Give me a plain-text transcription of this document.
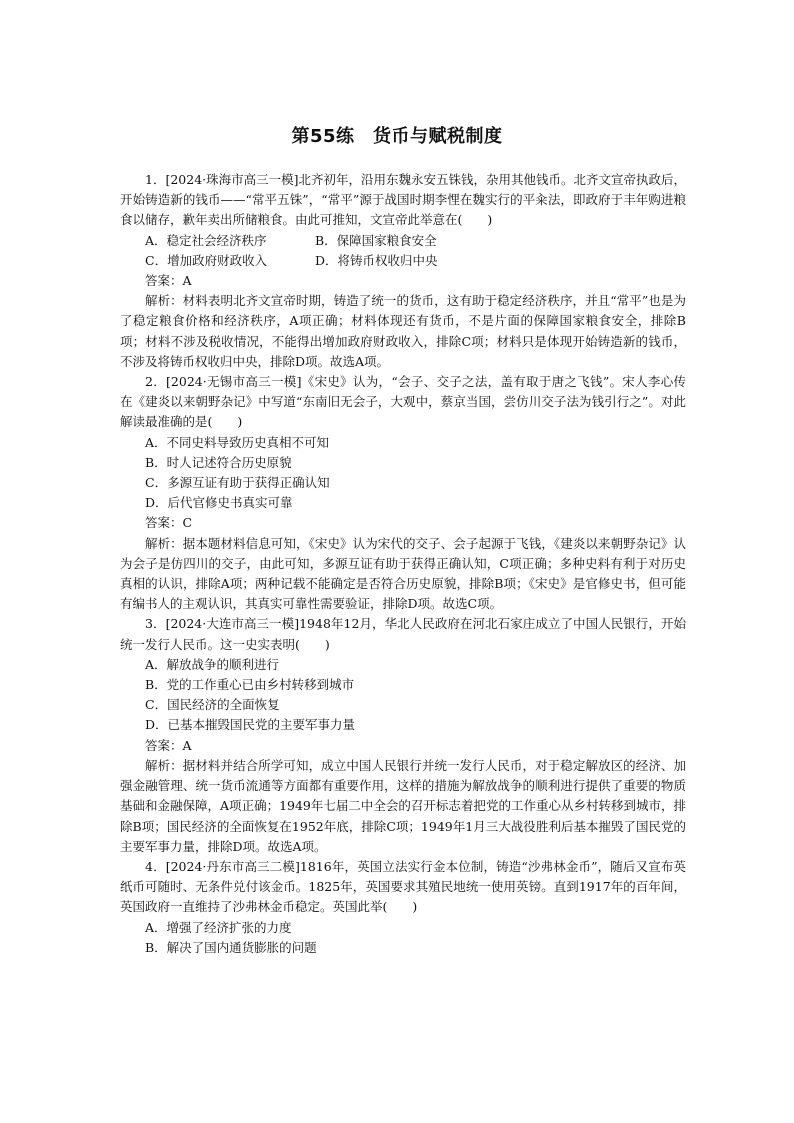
第55练　货币与赋税制度

1．[2024·珠海市高三一模]北齐初年，沿用东魏永安五铢钱，杂用其他钱币。北齐文宣帝执政后，开始铸造新的钱币——“常平五铢”，“常平”源于战国时期李悝在魏实行的平籴法，即政府于丰年购进粮食以储存，歉年卖出所储粮食。由此可推知，文宣帝此举意在(　　)

A．稳定社会经济秩序	B．保障国家粮食安全
C．增加政府财政收入	D．将铸币权收归中央

答案：A

解析：材料表明北齐文宣帝时期，铸造了统一的货币，这有助于稳定经济秩序，并且“常平”也是为了稳定粮食价格和经济秩序，A项正确；材料体现还有货币，不是片面的保障国家粮食安全，排除B项；材料不涉及税收情况，不能得出增加政府财政收入，排除C项；材料只是体现开始铸造新的钱币，不涉及将铸币权收归中央，排除D项。故选A项。

2．[2024·无锡市高三一模]《宋史》认为，“会子、交子之法，盖有取于唐之飞钱”。宋人李心传在《建炎以来朝野杂记》中写道“东南旧无会子，大观中，蔡京当国，尝仿川交子法为钱引行之”。对此解读最准确的是(　　)

A．不同史料导致历史真相不可知

B．时人记述符合历史原貌

C．多源互证有助于获得正确认知

D．后代官修史书真实可靠

答案：C

解析：据本题材料信息可知，《宋史》认为宋代的交子、会子起源于飞钱，《建炎以来朝野杂记》认为会子是仿四川的交子，由此可知，多源互证有助于获得正确认知，C项正确；多种史料有利于对历史真相的认识，排除A项；两种记载不能确定是否符合历史原貌，排除B项；《宋史》是官修史书，但可能有编书人的主观认识，其真实可靠性需要验证，排除D项。故选C项。

3．[2024·大连市高三一模]1948年12月，华北人民政府在河北石家庄成立了中国人民银行，开始统一发行人民币。这一史实表明(　　)

A．解放战争的顺利进行

B．党的工作重心已由乡村转移到城市

C．国民经济的全面恢复

D．已基本摧毁国民党的主要军事力量

答案：A

解析：据材料并结合所学可知，成立中国人民银行并统一发行人民币，对于稳定解放区的经济、加强金融管理、统一货币流通等方面都有重要作用，这样的措施为解放战争的顺利进行提供了重要的物质基础和金融保障，A项正确；1949年七届二中全会的召开标志着把党的工作重心从乡村转移到城市，排除B项；国民经济的全面恢复在1952年底，排除C项；1949年1月三大战役胜利后基本摧毁了国民党的主要军事力量，排除D项。故选A项。

4．[2024·丹东市高三二模]1816年，英国立法实行金本位制，铸造“沙弗林金币”，随后又宣布英纸币可随时、无条件兑付该金币。1825年，英国要求其殖民地统一使用英镑。直到1917年的百年间，英国政府一直维持了沙弗林金币稳定。英国此举(　　)

A．增强了经济扩张的力度

B．解决了国内通货膨胀的问题
